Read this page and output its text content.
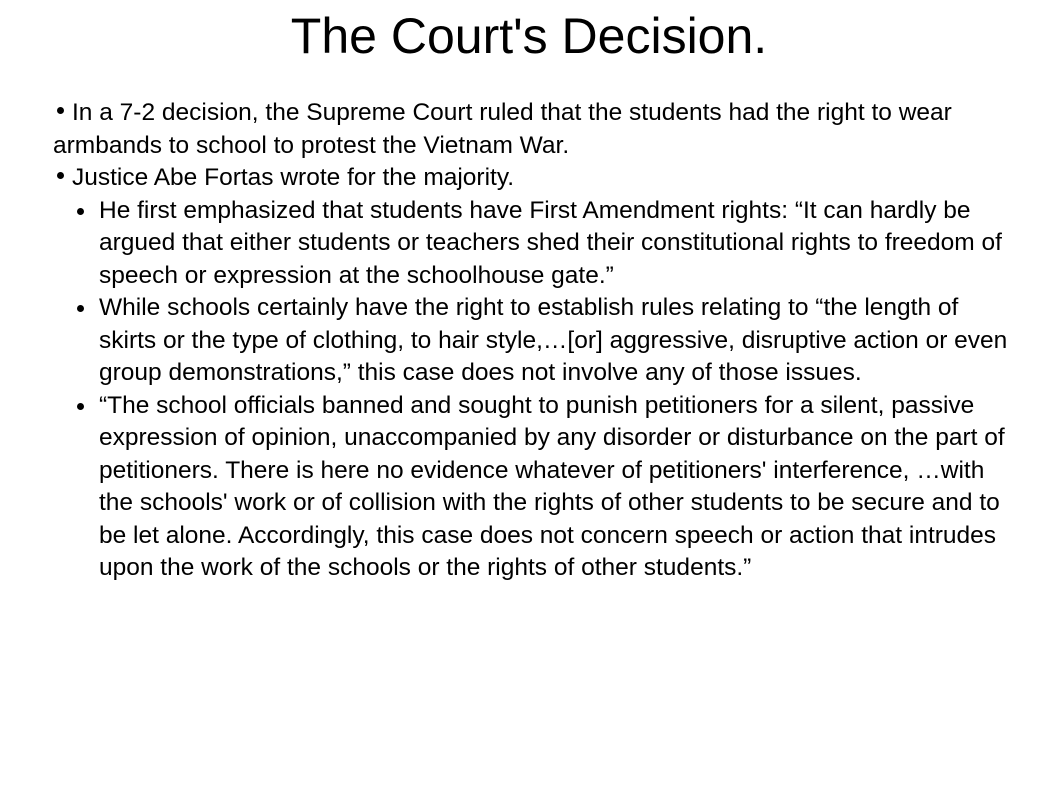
The Court's Decision.

In a 7-2 decision, the Supreme Court ruled that the students had the right to wear armbands to school to protest the Vietnam War.

Justice Abe Fortas wrote for the majority.

He first emphasized that students have First Amendment rights: “It can hardly be argued that either students or teachers shed their constitutional rights to freedom of speech or expression at the schoolhouse gate.”

While schools certainly have the right to establish rules relating to “the length of skirts or the type of clothing, to hair style,…[or] aggressive, disruptive action or even group demonstrations,” this case does not involve any of those issues.

“The school officials banned and sought to punish petitioners for a silent, passive expression of opinion, unaccompanied by any disorder or disturbance on the part of petitioners. There is here no evidence whatever of petitioners' interference, …with the schools' work or of collision with the rights of other students to be secure and to be let alone. Accordingly, this case does not concern speech or action that intrudes upon the work of the schools or the rights of other students.”
